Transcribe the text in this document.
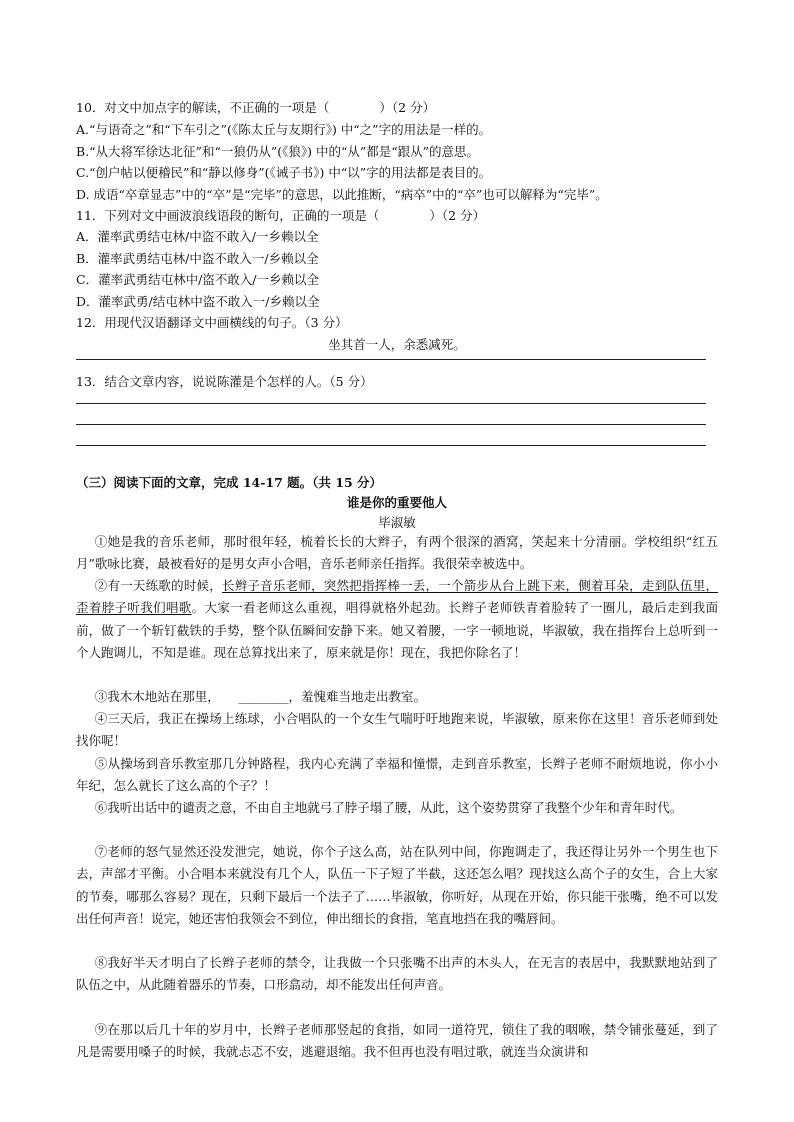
10．对文中加点字的解读，不正确的一项是（　　　　）（2 分）
A.“与语奇之”和“下车引之”(《陈太丘与友期行》) 中“之”字的用法是一样的。
B.“从大将军徐达北征”和“一狼仍从”(《狼》) 中的“从”都是“跟从”的意思。
C.“创户帖以便稽民”和“静以修身”(《诫子书》) 中“以”字的用法都是表目的。
D. 成语“卒章显志”中的“卒”是“完毕”的意思，以此推断，“病卒”中的“卒”也可以解释为“完毕”。
11．下列对文中画波浪线语段的断句，正确的一项是（　　　　）（2 分）
A．灌率武勇结屯林/中盗不敢入/一乡赖以全
B．灌率武勇结屯林/中盗不敢入一/乡赖以全
C．灌率武勇结屯林中/盗不敢入/一乡赖以全
D．灌率武勇/结屯林中盗不敢入一/乡赖以全
12．用现代汉语翻译文中画横线的句子。（3 分）
坐其首一人，余悉减死。
13．结合文章内容，说说陈灌是个怎样的人。（5 分）
（三）阅读下面的文章，完成 14-17 题。（共 15 分）
谁是你的重要他人
毕淑敏
①她是我的音乐老师，那时很年轻，梳着长长的大辫子，有两个很深的酒窝，笑起来十分清丽。学校组织“红五月”歌咏比赛，最被看好的是男女声小合唱，音乐老师亲任指挥。我很荣幸被选中。
②有一天练歌的时候，长辫子音乐老师，突然把指挥棒一丢，一个箭步从台上跳下来，侧着耳朵，走到队伍里，歪着脖子听我们唱歌。大家一看老师这么重视，唱得就格外起劲。长辫子老师铁青着脸转了一圈儿，最后走到我面前，做了一个斩钉截铁的手势，整个队伍瞬间安静下来。她又着腰，一字一顿地说，毕淑敏，我在指挥台上总听到一个人跑调儿，不知是谁。现在总算找出来了，原来就是你！现在，我把你除名了！
③我木木地站在那里， ________，羞愧难当地走出教室。
④三天后，我正在操场上练球，小合唱队的一个女生气喘吁吁地跑来说，毕淑敏，原来你在这里！音乐老师到处找你呢！
⑤从操场到音乐教室那几分钟路程，我内心充满了幸福和憧憬，走到音乐教室，长辫子老师不耐烦地说，你小小年纪，怎么就长了这么高的个子？！
⑥我听出话中的谴责之意，不由自主地就弓了脖子塌了腰，从此，这个姿势贯穿了我整个少年和青年时代。
⑦老师的怒气显然还没发泄完，她说，你个子这么高，站在队列中间，你跑调走了，我还得让另外一个男生也下去，声部才平衡。小合唱本来就没有几个人，队伍一下子短了半截，这还怎么唱？现找这么高个子的女生，合上大家的节奏，哪那么容易？现在，只剩下最后一个法子了……毕淑敏，你听好，从现在开始，你只能干张嘴，绝不可以发出任何声音！说完，她还害怕我领会不到位，伸出细长的食指，笔直地挡在我的嘴唇间。
⑧我好半天才明白了长辫子老师的禁令，让我做一个只张嘴不出声的木头人，在无言的表居中，我默默地站到了队伍之中，从此随着器乐的节奏，口形翕动，却不能发出任何声音。
⑨在那以后几十年的岁月中，长辫子老师那竖起的食指，如同一道符咒，锁住了我的咽喉，禁令铺张蔓延，到了凡是需要用嗓子的时候，我就忐忑不安，逃避退缩。我不但再也没有唱过歌，就连当众演讲和
